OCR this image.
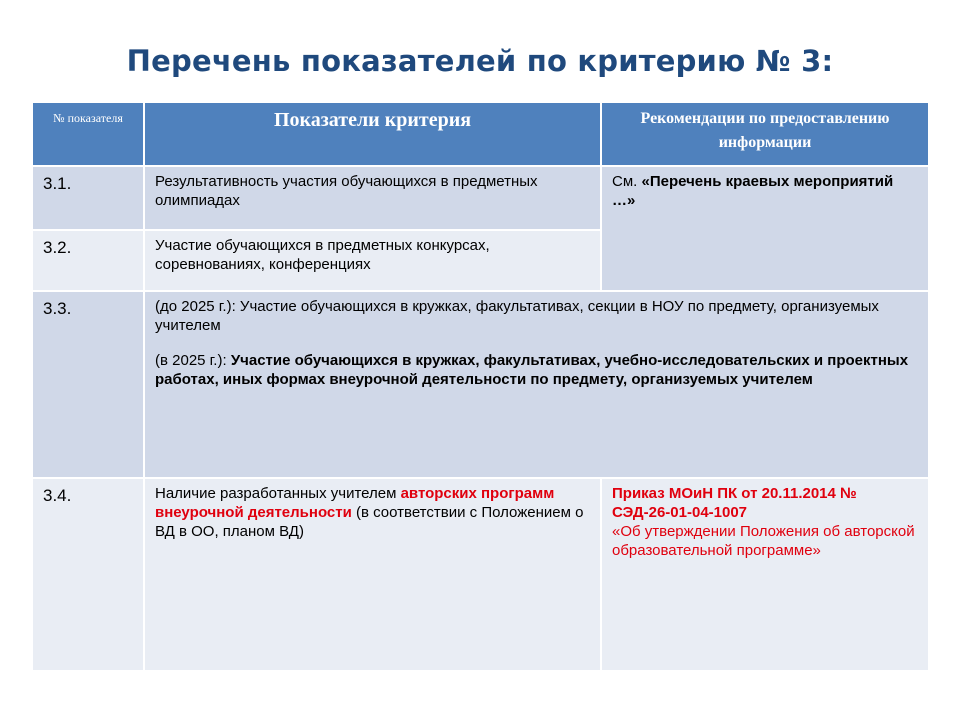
Перечень показателей по критерию № 3:
№ показателя	Показатели критерия	Рекомендации по предоставлению информации
3.1.	Результативность участия обучающихся в предметных олимпиадах	См. «Перечень краевых мероприятий …»
3.2.	Участие обучающихся в предметных конкурсах, соревнованиях, конференциях	
3.3.	(до 2025 г.): Участие обучающихся в кружках, факультативах, секции в НОУ по предмету, организуемых учителем
(в 2025 г.): Участие обучающихся в кружках, факультативах, учебно-исследовательских и проектных работах, иных формах внеурочной деятельности по предмету, организуемых учителем	

3.4.	Наличие разработанных учителем авторских программ внеурочной деятельности (в соответствии с Положением о ВД в ОО, планом ВД)	Приказ МОиН ПК от 20.11.2014 № СЭД-26-01-04-1007
«Об утверждении Положения об авторской образовательной программе»
